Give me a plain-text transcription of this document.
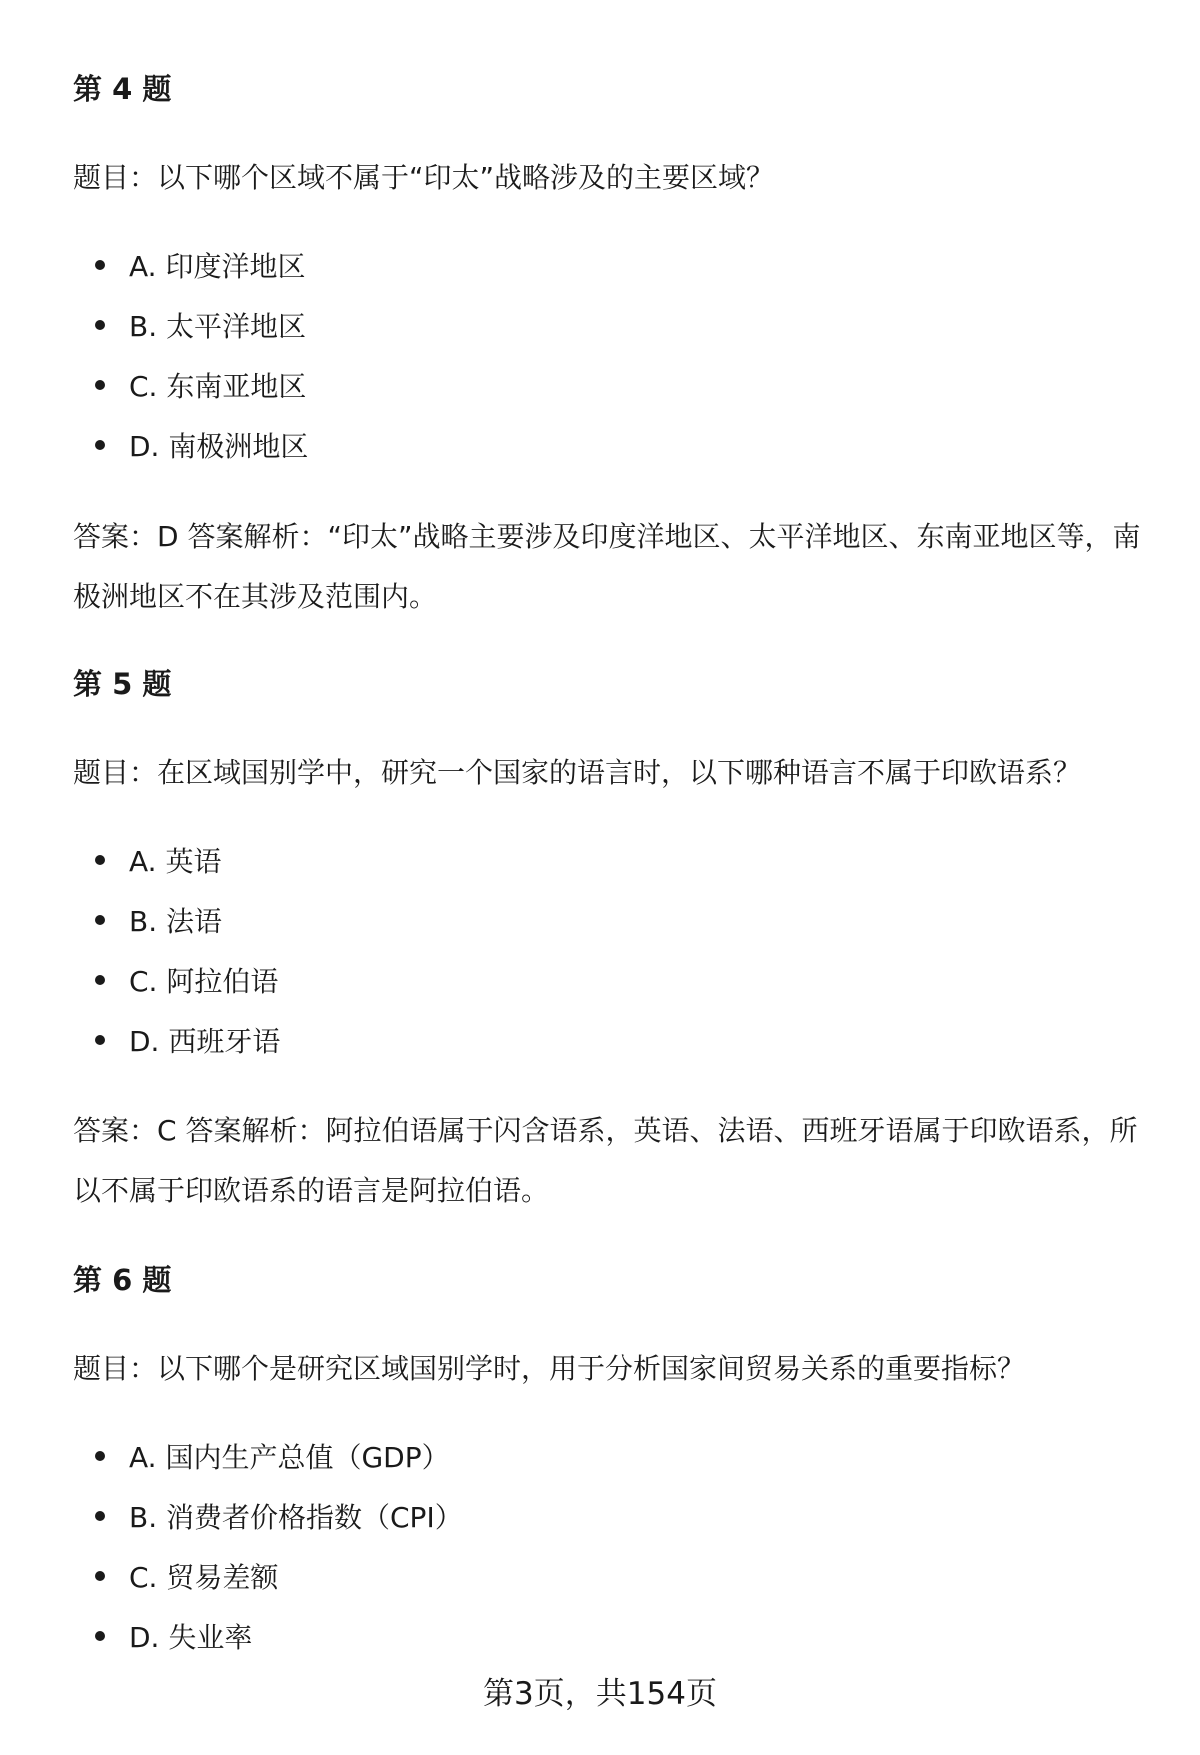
第 4 题
题目：以下哪个区域不属于“印太”战略涉及的主要区域？
A. 印度洋地区
B. 太平洋地区
C. 东南亚地区
D. 南极洲地区
答案：D 答案解析：“印太”战略主要涉及印度洋地区、太平洋地区、东南亚地区等，南极洲地区不在其涉及范围内。
第 5 题
题目：在区域国别学中，研究一个国家的语言时，以下哪种语言不属于印欧语系？
A. 英语
B. 法语
C. 阿拉伯语
D. 西班牙语
答案：C 答案解析：阿拉伯语属于闪含语系，英语、法语、西班牙语属于印欧语系，所以不属于印欧语系的语言是阿拉伯语。
第 6 题
题目：以下哪个是研究区域国别学时，用于分析国家间贸易关系的重要指标？
A. 国内生产总值（GDP）
B. 消费者价格指数（CPI）
C. 贸易差额
D. 失业率
第3页，共154页
